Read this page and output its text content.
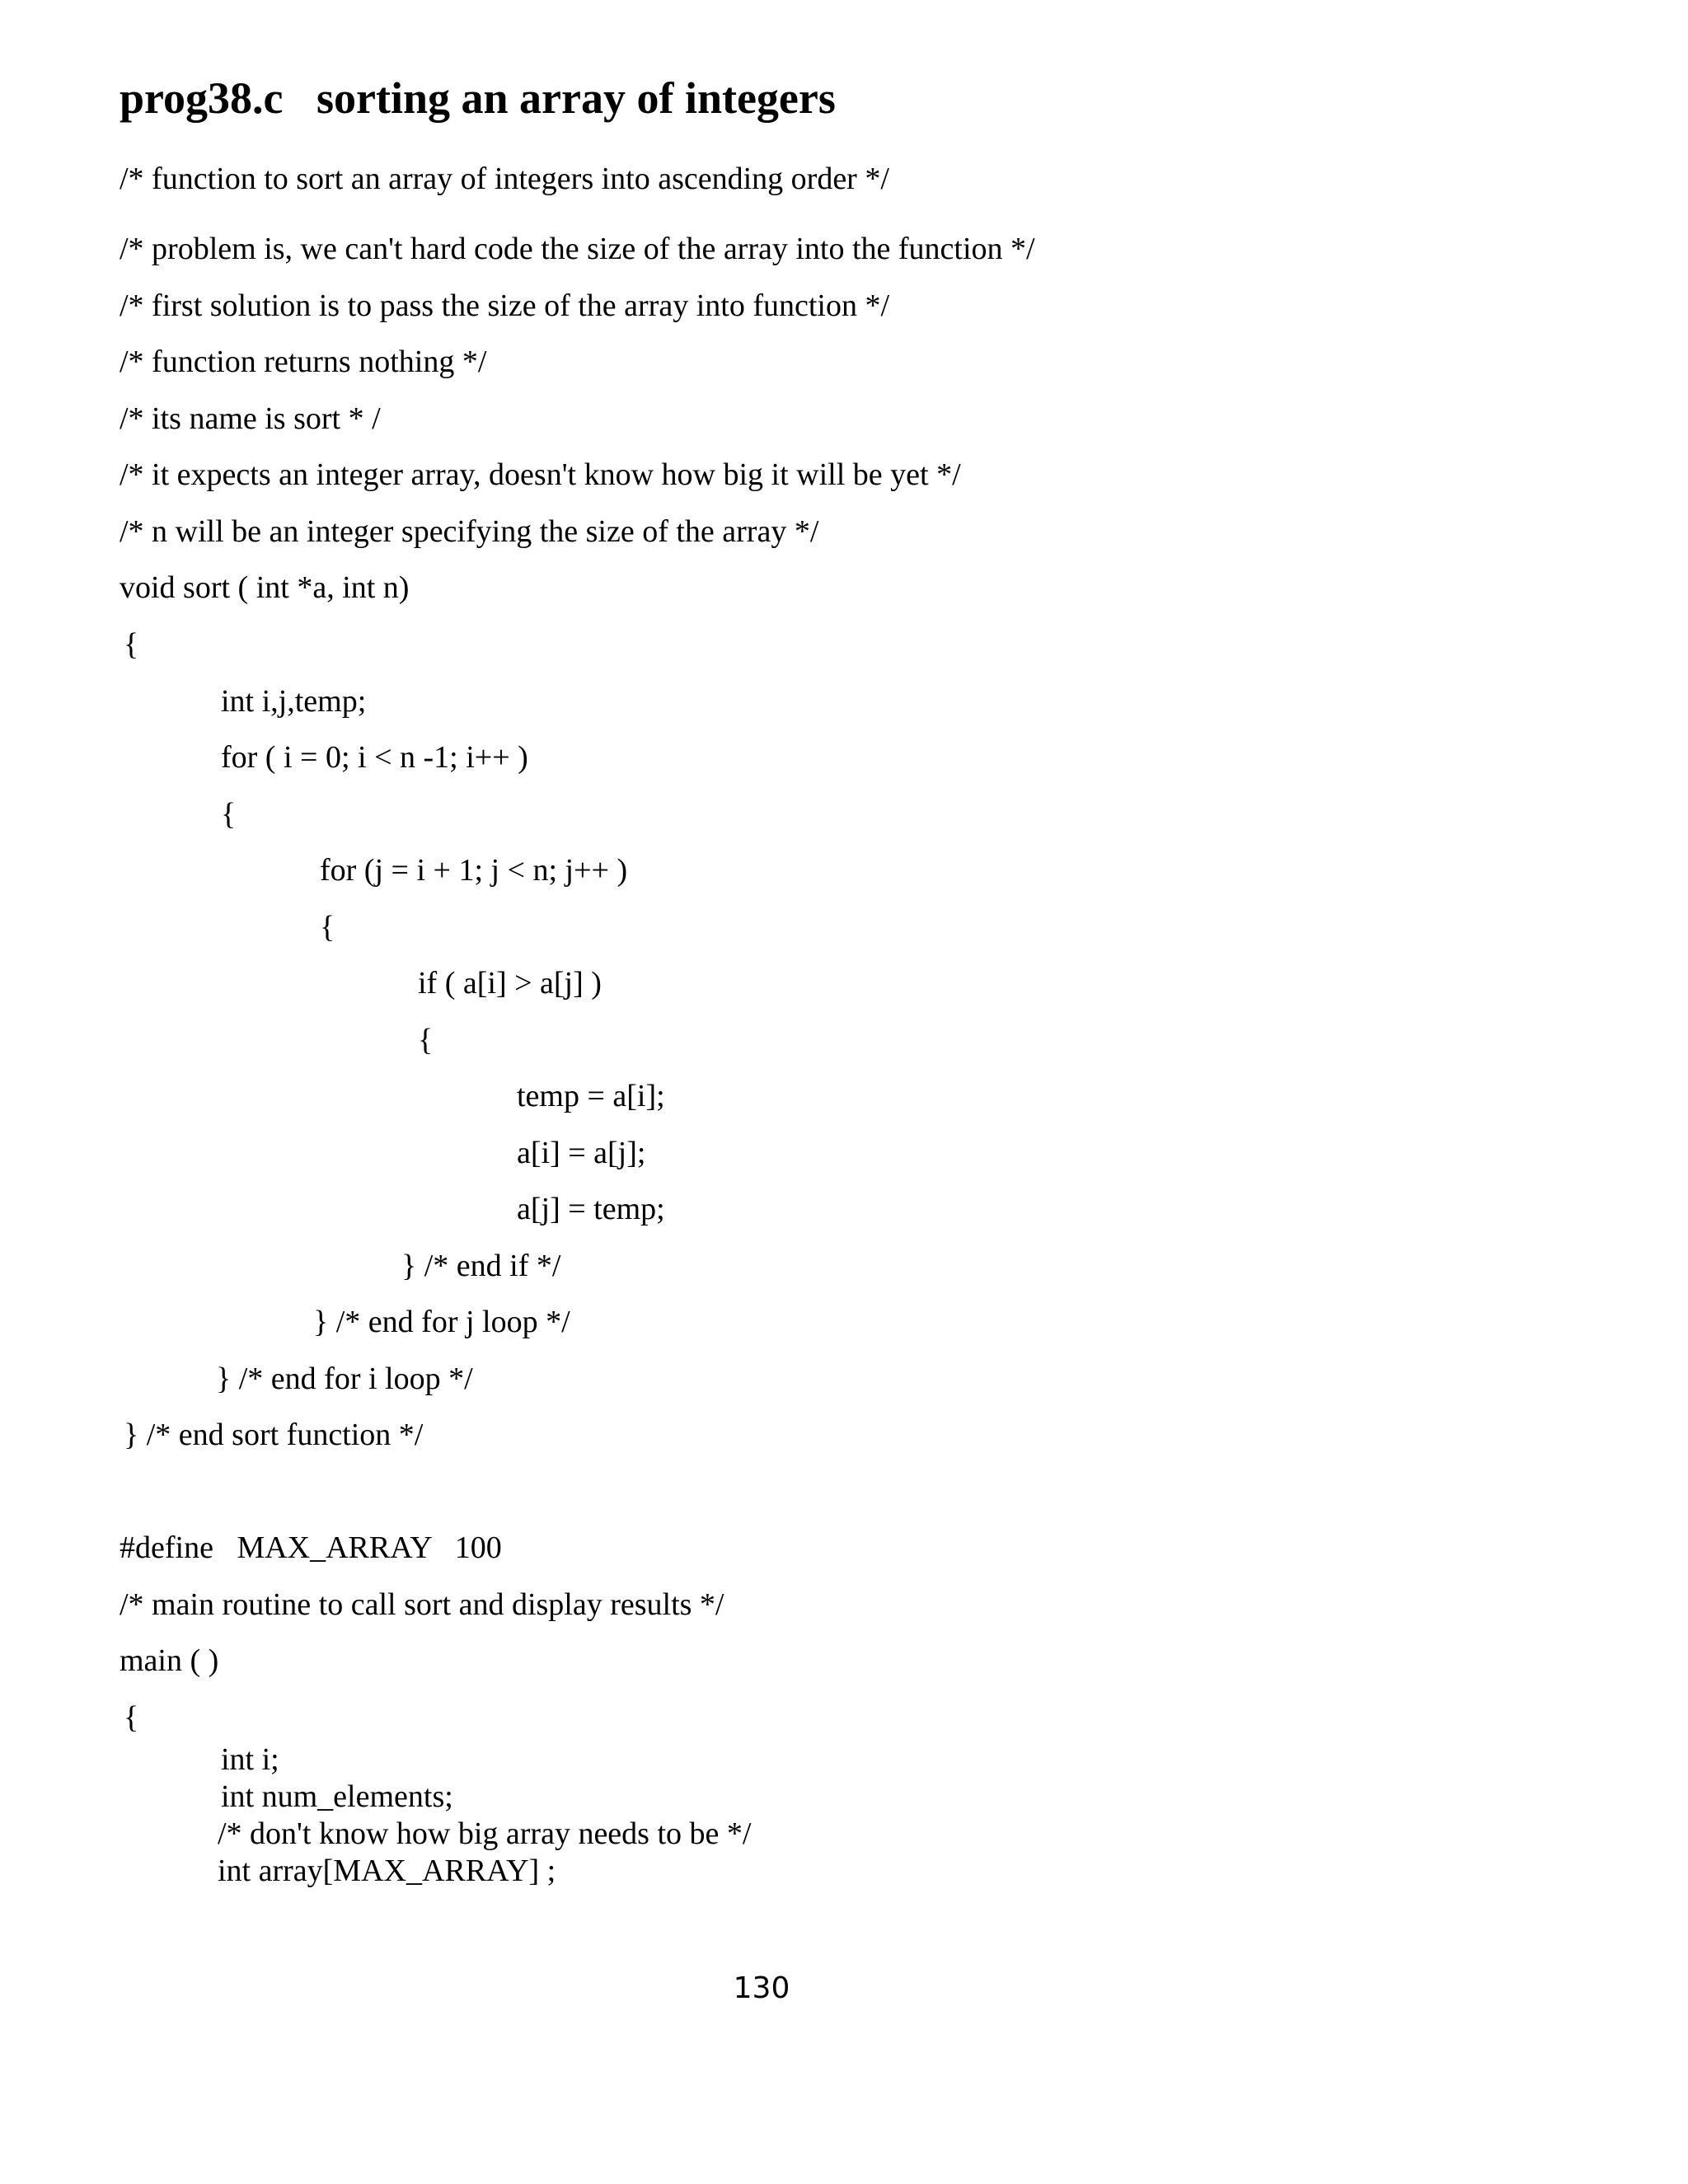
prog38.c   sorting an array of integers
/* function to sort an array of integers into ascending order */
/* problem is, we can't hard code the size of the array into the function */
/* first solution is to pass the size of the array into function */
/* function returns nothing */
/* its name is sort * /
/* it expects an integer array, doesn't know how big it will be yet */
/* n will be an integer specifying the size of the array */
void sort ( int *a, int n)
{
int i,j,temp;
for ( i = 0; i < n -1; i++ )
{
for (j = i + 1; j < n; j++ )
{
if ( a[i] > a[j] )
{
temp = a[i];
a[i] = a[j];
a[j] = temp;
} /* end if */
} /* end for j loop */
} /* end for i loop */
} /* end sort function */
#define   MAX_ARRAY   100
/* main routine to call sort and display results */
main ( )
{
int i;
int num_elements;
/* don't know how big array needs to be */
int array[MAX_ARRAY] ;
130
